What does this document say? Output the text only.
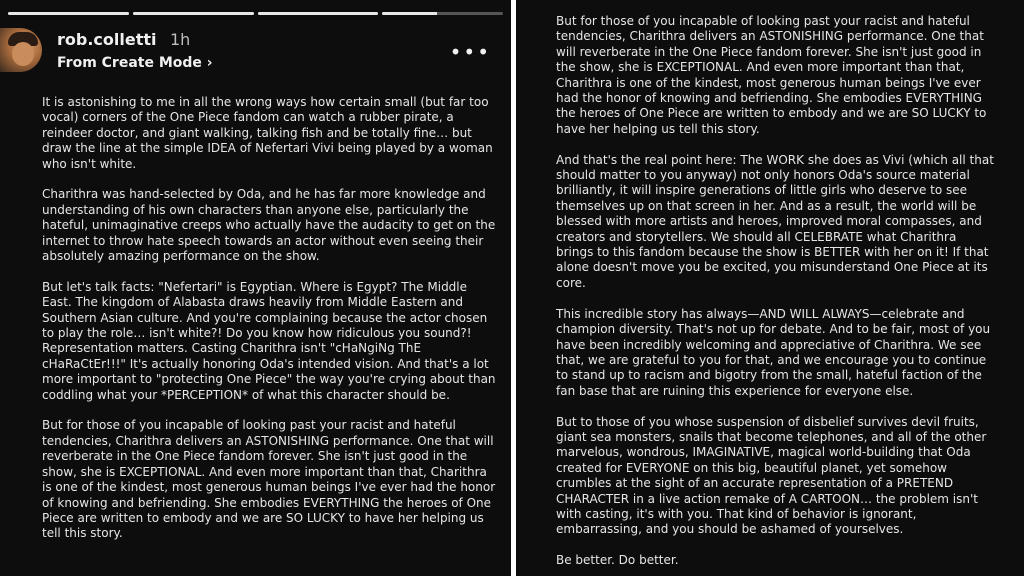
rob.colletti 1h
From Create Mode ›	•••

It is astonishing to me in all the wrong ways how certain small (but far too vocal) corners of the One Piece fandom can watch a rubber pirate, a reindeer doctor, and giant walking, talking fish and be totally fine… but draw the line at the simple IDEA of Nefertari Vivi being played by a woman who isn't white.

Charithra was hand-selected by Oda, and he has far more knowledge and understanding of his own characters than anyone else, particularly the hateful, unimaginative creeps who actually have the audacity to get on the internet to throw hate speech towards an actor without even seeing their absolutely amazing performance on the show.

But let's talk facts: "Nefertari" is Egyptian. Where is Egypt? The Middle East. The kingdom of Alabasta draws heavily from Middle Eastern and Southern Asian culture. And you're complaining because the actor chosen to play the role… isn't white?! Do you know how ridiculous you sound?! Representation matters. Casting Charithra isn't "cHaNgiNg ThE cHaRaCtEr!!!" It's actually honoring Oda's intended vision. And that's a lot more important to "protecting One Piece" the way you're crying about than coddling what your *PERCEPTION* of what this character should be.

But for those of you incapable of looking past your racist and hateful tendencies, Charithra delivers an ASTONISHING performance. One that will reverberate in the One Piece fandom forever. She isn't just good in the show, she is EXCEPTIONAL. And even more important than that, Charithra is one of the kindest, most generous human beings I've ever had the honor of knowing and befriending. She embodies EVERYTHING the heroes of One Piece are written to embody and we are SO LUCKY to have her helping us tell this story.

But for those of you incapable of looking past your racist and hateful tendencies, Charithra delivers an ASTONISHING performance. One that will reverberate in the One Piece fandom forever. She isn't just good in the show, she is EXCEPTIONAL. And even more important than that, Charithra is one of the kindest, most generous human beings I've ever had the honor of knowing and befriending. She embodies EVERYTHING the heroes of One Piece are written to embody and we are SO LUCKY to have her helping us tell this story.

And that's the real point here: The WORK she does as Vivi (which all that should matter to you anyway) not only honors Oda's source material brilliantly, it will inspire generations of little girls who deserve to see themselves up on that screen in her. And as a result, the world will be blessed with more artists and heroes, improved moral compasses, and creators and storytellers. We should all CELEBRATE what Charithra brings to this fandom because the show is BETTER with her on it! If that alone doesn't move you be excited, you misunderstand One Piece at its core.

This incredible story has always—AND WILL ALWAYS—celebrate and champion diversity. That's not up for debate. And to be fair, most of you have been incredibly welcoming and appreciative of Charithra. We see that, we are grateful to you for that, and we encourage you to continue to stand up to racism and bigotry from the small, hateful faction of the fan base that are ruining this experience for everyone else.

But to those of you whose suspension of disbelief survives devil fruits, giant sea monsters, snails that become telephones, and all of the other marvelous, wondrous, IMAGINATIVE, magical world-building that Oda created for EVERYONE on this big, beautiful planet, yet somehow crumbles at the sight of an accurate representation of a PRETEND CHARACTER in a live action remake of A CARTOON… the problem isn't with casting, it's with you. That kind of behavior is ignorant, embarrassing, and you should be ashamed of yourselves.

Be better. Do better.
